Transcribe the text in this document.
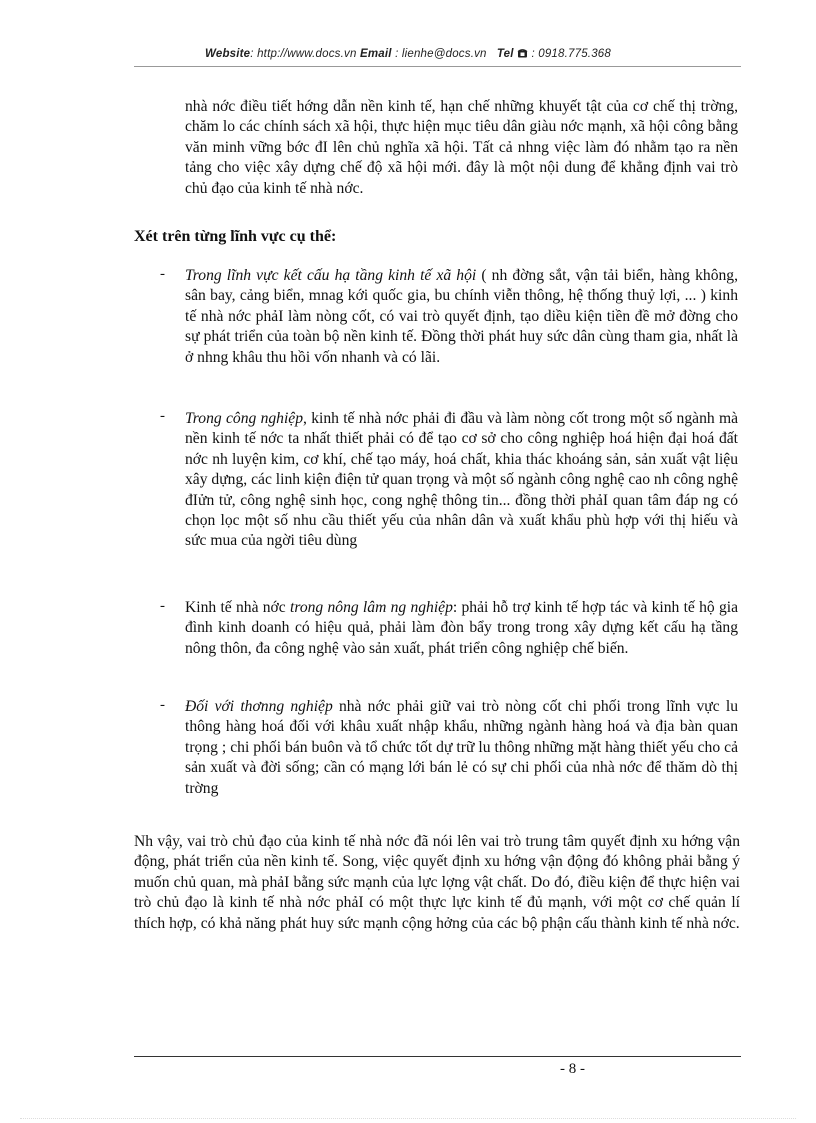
Website: http://www.docs.vn Email : lienhe@docs.vn Tel : 0918.775.368
nhà nớc điều tiết hớng dẫn nền kinh tế, hạn chế những khuyết tật của cơ chế thị trờng, chăm lo các chính sách xã hội, thực hiện mục tiêu dân giàu nớc mạnh, xã hội công bằng văn minh vững bớc đI lên chủ nghĩa xã hội. Tất cả nhng việc làm đó nhằm tạo ra nền tảng cho việc xây dựng chế độ xã hội mới. đây là một nội dung để khẳng định vai trò chủ đạo của kinh tế nhà nớc.
Xét trên từng lĩnh vực cụ thể:
- Trong lĩnh vực kết cấu hạ tầng kinh tế xã hội ( nh đờng sắt, vận tải biển, hàng không, sân bay, cảng biển, mnag kới quốc gia, bu chính viễn thông, hệ thống thuỷ lợi, ... ) kinh tế nhà nớc phảI làm nòng cốt, có vai trò quyết định, tạo diều kiện tiền đề mở đờng cho sự phát triển của toàn bộ nền kinh tế. Đồng thời phát huy sức dân cùng tham gia, nhất là ở nhng khâu thu hồi vốn nhanh và có lãi.
- Trong công nghiệp, kinh tế nhà nớc phải đi đầu và làm nòng cốt trong một số ngành mà nền kinh tế nớc ta nhất thiết phải có để tạo cơ sở cho công nghiệp hoá hiện đại hoá đất nớc nh luyện kim, cơ khí, chế tạo máy, hoá chất, khia thác khoáng sản, sản xuất vật liệu xây dựng, các linh kiện điện tử quan trọng và một số ngành công nghệ cao nh công nghệ đIửn tử, công nghệ sinh học, cong nghệ thông tin... đồng thời phảI quan tâm đáp ng có chọn lọc một số nhu cầu thiết yếu của nhân dân và xuất khẩu phù hợp với thị hiếu và sức mua của ngời tiêu dùng
- Kinh tế nhà nớc trong nông lâm ng nghiệp: phải hỗ trợ kinh tế hợp tác và kinh tế hộ gia đình kinh doanh có hiệu quả, phải làm đòn bẩy trong trong xây dựng kết cấu hạ tầng nông thôn, đa công nghệ vào sản xuất, phát triển công nghiệp chế biến.
- Đối với thơnng nghiệp nhà nớc phải giữ vai trò nòng cốt chi phối trong lĩnh vực lu thông hàng hoá đối với khâu xuất nhập khẩu, những ngành hàng hoá và địa bàn quan trọng ; chi phối bán buôn và tổ chức tốt dự trữ lu thông những mặt hàng thiết yếu cho cả sản xuất và đời sống; cần có mạng lới bán lẻ có sự chi phối của nhà nớc để thăm dò thị trờng
Nh vậy, vai trò chủ đạo của kinh tế nhà nớc đã nói lên vai trò trung tâm quyết định xu hớng vận động, phát triển của nền kinh tế. Song, việc quyết định xu hớng vận động đó không phải bằng ý muốn chủ quan, mà phảI bằng sức mạnh của lực lợng vật chất. Do đó, điều kiện để thực hiện vai trò chủ đạo là kinh tế nhà nớc phảI có một thực lực kinh tế đủ mạnh, với một cơ chế quản lí thích hợp, có khả năng phát huy sức mạnh cộng hởng của các bộ phận cấu thành kinh tế nhà nớc.
- 8 -
